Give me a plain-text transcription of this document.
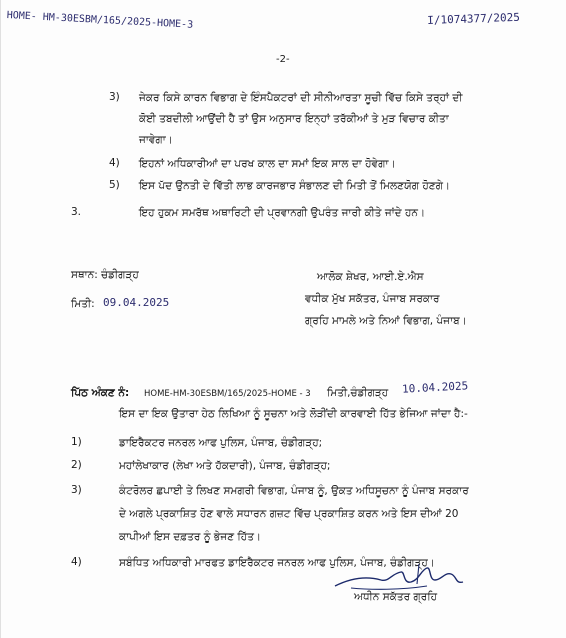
HOME- HM-30ESBM/165/2025-HOME-3	I/1074377/2025
-2-
3) ਜੇਕਰ ਕਿਸੇ ਕਾਰਨ ਵਿਭਾਗ ਦੇ ਇੰਸਪੈਕਟਰਾਂ ਦੀ ਸੀਨੀਆਰਤਾ ਸੂਚੀ ਵਿੱਚ ਕਿਸੇ ਤਰ੍ਹਾਂ ਦੀ
ਕੋਈ ਤਬਦੀਲੀ ਆਉਂਦੀ ਹੈ ਤਾਂ ਉਸ ਅਨੁਸਾਰ ਇਨ੍ਹਾਂ ਤਰੱਕੀਆਂ ਤੇ ਮੁੜ ਵਿਚਾਰ ਕੀਤਾ
ਜਾਵੇਗਾ।
4) ਇਹਨਾਂ ਅਧਿਕਾਰੀਆਂ ਦਾ ਪਰਖ ਕਾਲ ਦਾ ਸਮਾਂ ਇਕ ਸਾਲ ਦਾ ਹੋਵੇਗਾ।
5) ਇਸ ਪੱਦ ਉਨਤੀ ਦੇ ਵਿੱਤੀ ਲਾਭ ਕਾਰਜਭਾਰ ਸੰਭਾਲਣ ਦੀ ਮਿਤੀ ਤੋਂ ਮਿਲਣਯੋਗ ਹੋਣਗੇ।
3.	ਇਹ ਹੁਕਮ ਸਮਰੱਥ ਅਥਾਰਿਟੀ ਦੀ ਪ੍ਰਵਾਨਗੀ ਉਪਰੰਤ ਜਾਰੀ ਕੀਤੇ ਜਾਂਦੇ ਹਨ।
ਸਥਾਨ: ਚੰਡੀਗੜ੍ਹ
ਮਿਤੀ: 09.04.2025
ਆਲੋਕ ਸ਼ੇਖਰ, ਆਈ.ਏ.ਐਸ
ਵਧੀਕ ਮੁੱਖ ਸਕੱਤਰ, ਪੰਜਾਬ ਸਰਕਾਰ
ਗ੍ਰਹਿ ਮਾਮਲੇ ਅਤੇ ਨਿਆਂ ਵਿਭਾਗ, ਪੰਜਾਬ।
ਪਿੱਠ ਅੰਕਣ ਨੰ: HOME-HM-30ESBM/165/2025-HOME - 3 ਮਿਤੀ,ਚੰਡੀਗੜ੍ਹ 10.04.2025
ਇਸ ਦਾ ਇਕ ਉਤਾਰਾ ਹੇਠ ਲਿਖਿਆ ਨੂੰ ਸੂਚਨਾ ਅਤੇ ਲੋੜੀਂਦੀ ਕਾਰਵਾਈ ਹਿੱਤ ਭੇਜਿਆ ਜਾਂਦਾ ਹੈ:-
1)	ਡਾਇਰੈਕਟਰ ਜਨਰਲ ਆਫ ਪੁਲਿਸ, ਪੰਜਾਬ, ਚੰਡੀਗੜ੍ਹ;
2)	ਮਹਾਂਲੇਖਾਕਾਰ (ਲੇਖਾ ਅਤੇ ਹੱਕਦਾਰੀ), ਪੰਜਾਬ, ਚੰਡੀਗੜ੍ਹ;
3)	ਕੰਟਰੋਲਰ ਛਪਾਈ ਤੇ ਲਿਖਣ ਸਮਗਰੀ ਵਿਭਾਗ, ਪੰਜਾਬ ਨੂੰ, ਉਕਤ ਅਧਿਸੂਚਨਾ ਨੂੰ ਪੰਜਾਬ ਸਰਕਾਰ
ਦੇ ਅਗਲੇ ਪ੍ਰਕਾਸ਼ਿਤ ਹੋਣ ਵਾਲੇ ਸਧਾਰਨ ਗਜ਼ਟ ਵਿੱਚ ਪ੍ਰਕਾਸ਼ਿਤ ਕਰਨ ਅਤੇ ਇਸ ਦੀਆਂ 20
ਕਾਪੀਆਂ ਇਸ ਦਫ਼ਤਰ ਨੂੰ ਭੇਜਣ ਹਿੱਤ।
4)	ਸਬੰਧਿਤ ਅਧਿਕਾਰੀ ਮਾਰਫਤ ਡਾਇਰੈਕਟਰ ਜਨਰਲ ਆਫ ਪੁਲਿਸ, ਪੰਜਾਬ, ਚੰਡੀਗੜ੍ਹ।
ਅਧੀਨ ਸਕੱਤਰ ਗ੍ਰਹਿ
